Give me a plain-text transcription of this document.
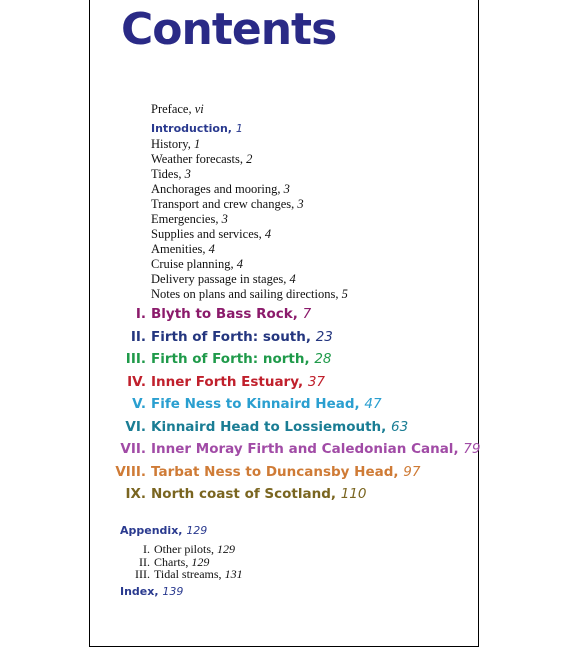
Contents
Preface, vi
Introduction, 1
History, 1
Weather forecasts, 2
Tides, 3
Anchorages and mooring, 3
Transport and crew changes, 3
Emergencies, 3
Supplies and services, 4
Amenities, 4
Cruise planning, 4
Delivery passage in stages, 4
Notes on plans and sailing directions, 5
I. Blyth to Bass Rock, 7
II. Firth of Forth: south, 23
III. Firth of Forth: north, 28
IV. Inner Forth Estuary, 37
V. Fife Ness to Kinnaird Head, 47
VI. Kinnaird Head to Lossiemouth, 63
VII. Inner Moray Firth and Caledonian Canal, 79
VIII. Tarbat Ness to Duncansby Head, 97
IX. North coast of Scotland, 110
Appendix, 129
I. Other pilots, 129
II. Charts, 129
III. Tidal streams, 131
Index, 139
